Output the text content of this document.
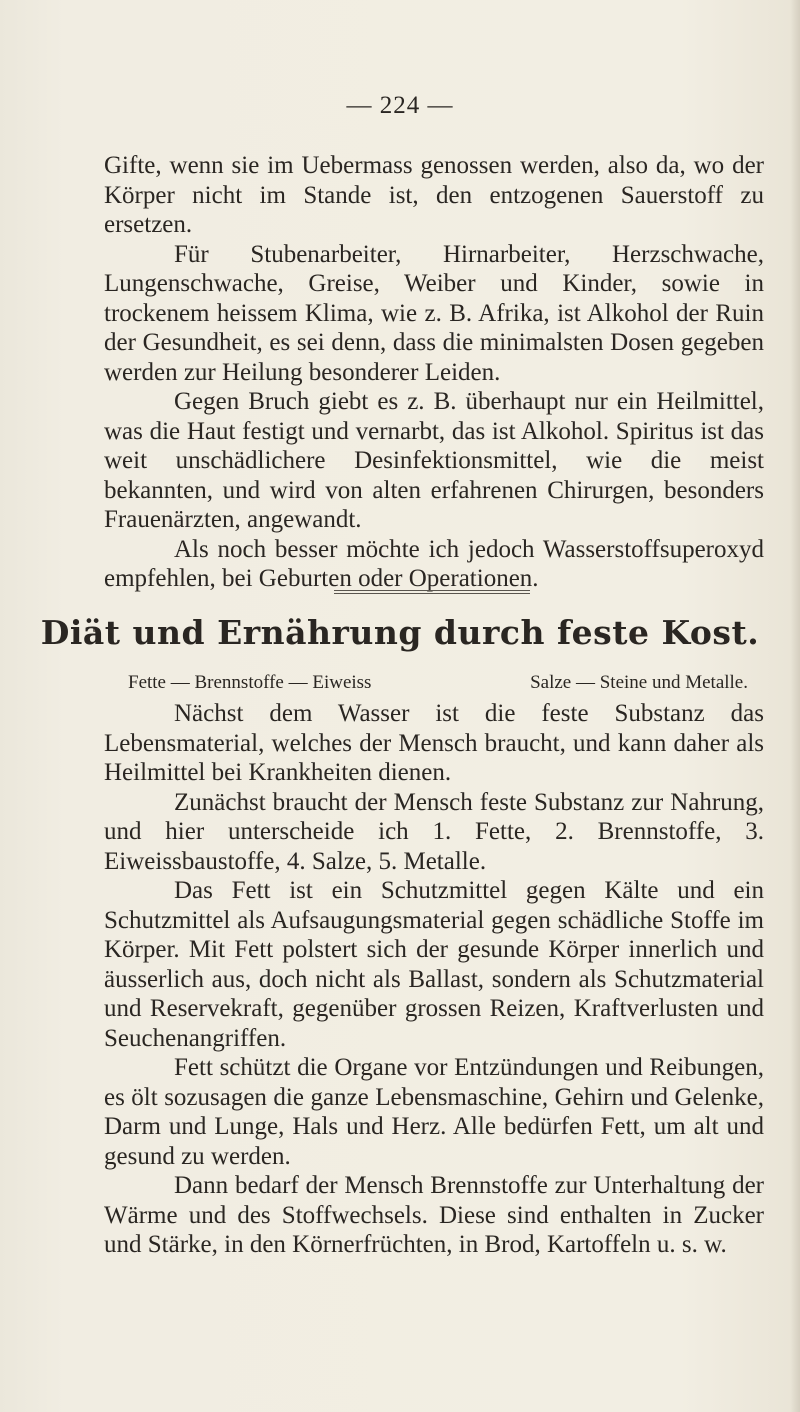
— 224 —

Gifte, wenn sie im Uebermass genossen werden, also da, wo der Körper nicht im Stande ist, den entzogenen Sauerstoff zu ersetzen.

Für Stubenarbeiter, Hirnarbeiter, Herzschwache, Lungenschwache, Greise, Weiber und Kinder, sowie in trockenem heissem Klima, wie z. B. Afrika, ist Alkohol der Ruin der Gesundheit, es sei denn, dass die minimalsten Dosen gegeben werden zur Heilung besonderer Leiden.

Gegen Bruch giebt es z. B. überhaupt nur ein Heilmittel, was die Haut festigt und vernarbt, das ist Alkohol. Spiritus ist das weit unschädlichere Desinfektionsmittel, wie die meist bekannten, und wird von alten erfahrenen Chirurgen, besonders Frauenärzten, angewandt.

Als noch besser möchte ich jedoch Wasserstoffsuperoxyd empfehlen, bei Geburten oder Operationen.

Diät und Ernährung durch feste Kost.
Fette — Brennstoffe — Eiweiss	Salze — Steine und Metalle.

Nächst dem Wasser ist die feste Substanz das Lebensmaterial, welches der Mensch braucht, und kann daher als Heilmittel bei Krankheiten dienen.

Zunächst braucht der Mensch feste Substanz zur Nahrung, und hier unterscheide ich 1. Fette, 2. Brennstoffe, 3. Eiweissbaustoffe, 4. Salze, 5. Metalle.

Das Fett ist ein Schutzmittel gegen Kälte und ein Schutzmittel als Aufsaugungsmaterial gegen schädliche Stoffe im Körper. Mit Fett polstert sich der gesunde Körper innerlich und äusserlich aus, doch nicht als Ballast, sondern als Schutzmaterial und Reservekraft, gegenüber grossen Reizen, Kraftverlusten und Seuchenangriffen.

Fett schützt die Organe vor Entzündungen und Reibungen, es ölt sozusagen die ganze Lebensmaschine, Gehirn und Gelenke, Darm und Lunge, Hals und Herz. Alle bedürfen Fett, um alt und gesund zu werden.

Dann bedarf der Mensch Brennstoffe zur Unterhaltung der Wärme und des Stoffwechsels. Diese sind enthalten in Zucker und Stärke, in den Körnerfrüchten, in Brod, Kartoffeln u. s. w.
